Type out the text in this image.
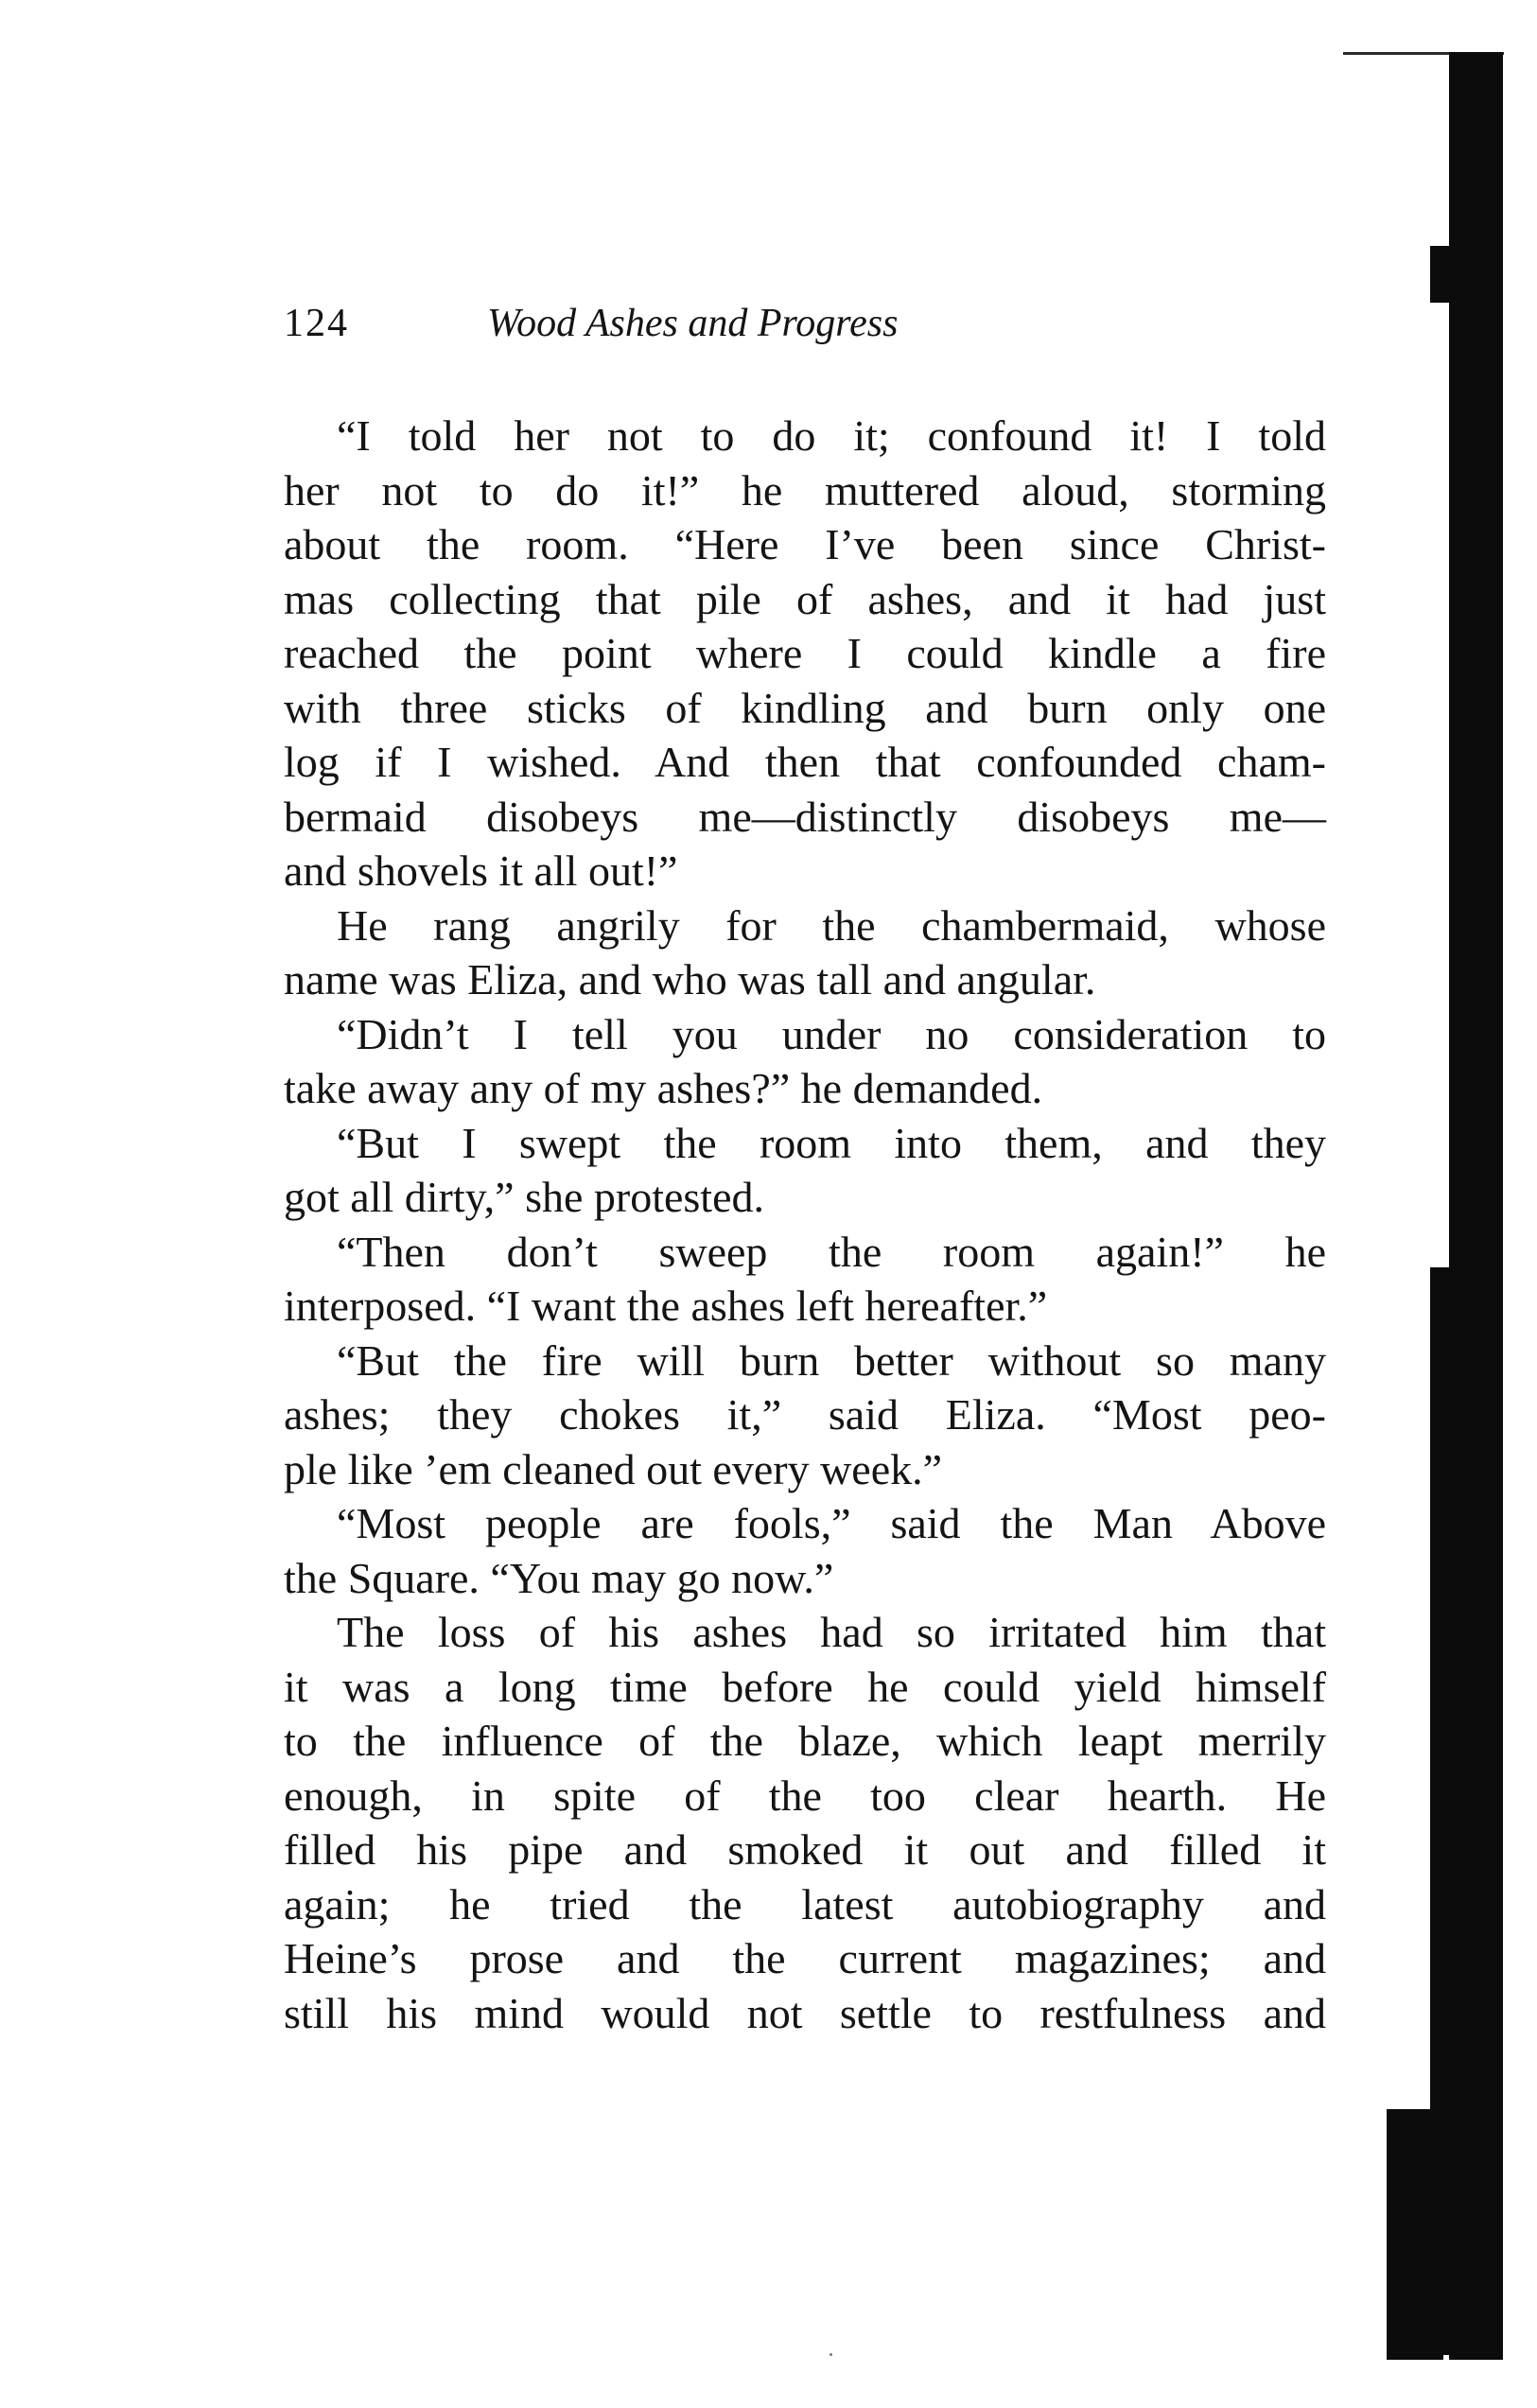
124	Wood Ashes and Progress
“I told her not to do it; confound it! I told
her not to do it!” he muttered aloud, storming
about the room. “Here I’ve been since Christ-
mas collecting that pile of ashes, and it had just
reached the point where I could kindle a fire
with three sticks of kindling and burn only one
log if I wished. And then that confounded cham-
bermaid disobeys me—distinctly disobeys me—
and shovels it all out!”
He rang angrily for the chambermaid, whose
name was Eliza, and who was tall and angular.
“Didn’t I tell you under no consideration to
take away any of my ashes?” he demanded.
“But I swept the room into them, and they
got all dirty,” she protested.
“Then don’t sweep the room again!” he
interposed. “I want the ashes left hereafter.”
“But the fire will burn better without so many
ashes; they chokes it,” said Eliza. “Most peo-
ple like ’em cleaned out every week.”
“Most people are fools,” said the Man Above
the Square. “You may go now.”
The loss of his ashes had so irritated him that
it was a long time before he could yield himself
to the influence of the blaze, which leapt merrily
enough, in spite of the too clear hearth. He
filled his pipe and smoked it out and filled it
again; he tried the latest autobiography and
Heine’s prose and the current magazines; and
still his mind would not settle to restfulness and
